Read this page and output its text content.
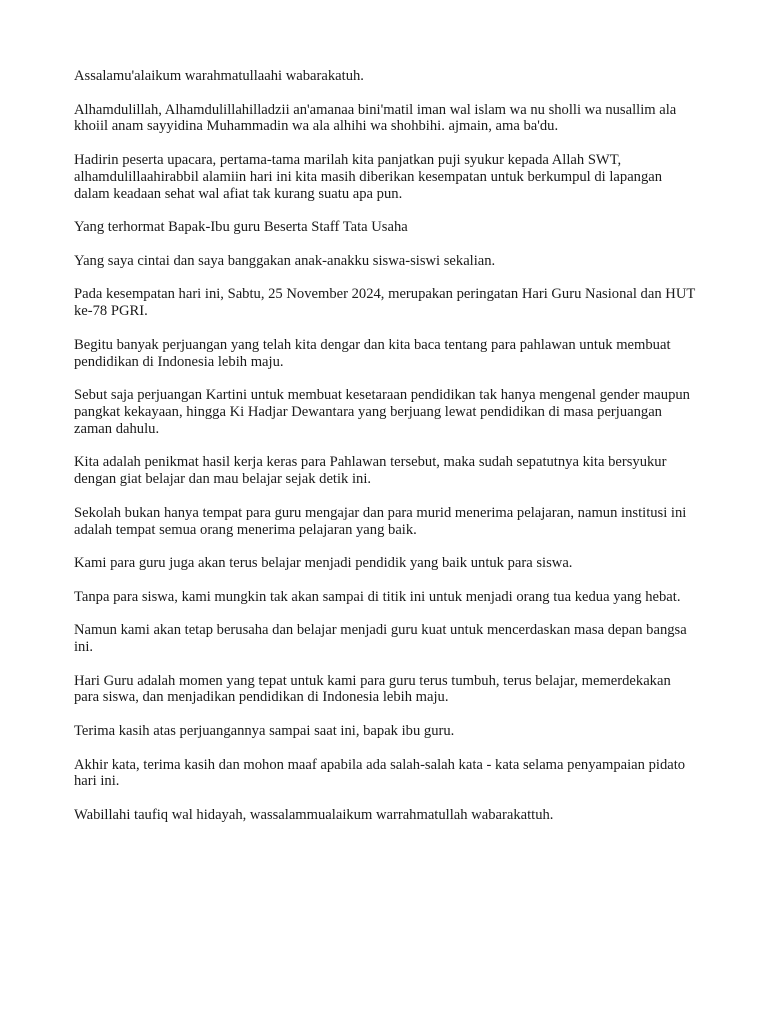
Assalamu'alaikum warahmatullaahi wabarakatuh.

Alhamdulillah, Alhamdulillahilladzii an'amanaa bini'matil iman wal islam wa nu sholli wa nusallim ala khoiil anam sayyidina Muhammadin wa ala alhihi wa shohbihi. ajmain, ama ba'du.

Hadirin peserta upacara, pertama-tama marilah kita panjatkan puji syukur kepada Allah SWT, alhamdulillaahirabbil alamiin hari ini kita masih diberikan kesempatan untuk berkumpul di lapangan dalam keadaan sehat wal afiat tak kurang suatu apa pun.

Yang terhormat Bapak-Ibu guru Beserta Staff Tata Usaha

Yang saya cintai dan saya banggakan anak-anakku siswa-siswi sekalian.

Pada kesempatan hari ini, Sabtu, 25 November 2024, merupakan peringatan Hari Guru Nasional dan HUT ke-78 PGRI.

Begitu banyak perjuangan yang telah kita dengar dan kita baca tentang para pahlawan untuk membuat pendidikan di Indonesia lebih maju.

Sebut saja perjuangan Kartini untuk membuat kesetaraan pendidikan tak hanya mengenal gender maupun pangkat kekayaan, hingga Ki Hadjar Dewantara yang berjuang lewat pendidikan di masa perjuangan zaman dahulu.

Kita adalah penikmat hasil kerja keras para Pahlawan tersebut, maka sudah sepatutnya kita bersyukur dengan giat belajar dan mau belajar sejak detik ini.

Sekolah bukan hanya tempat para guru mengajar dan para murid menerima pelajaran, namun institusi ini adalah tempat semua orang menerima pelajaran yang baik.

Kami para guru juga akan terus belajar menjadi pendidik yang baik untuk para siswa.

Tanpa para siswa, kami mungkin tak akan sampai di titik ini untuk menjadi orang tua kedua yang hebat.

Namun kami akan tetap berusaha dan belajar menjadi guru kuat untuk mencerdaskan masa depan bangsa ini.

Hari Guru adalah momen yang tepat untuk kami para guru terus tumbuh, terus belajar, memerdekakan para siswa, dan menjadikan pendidikan di Indonesia lebih maju.

Terima kasih atas perjuangannya sampai saat ini, bapak ibu guru.

Akhir kata, terima kasih dan mohon maaf apabila ada salah-salah kata - kata selama penyampaian pidato hari ini.

Wabillahi taufiq wal hidayah, wassalammualaikum warrahmatullah wabarakattuh.
